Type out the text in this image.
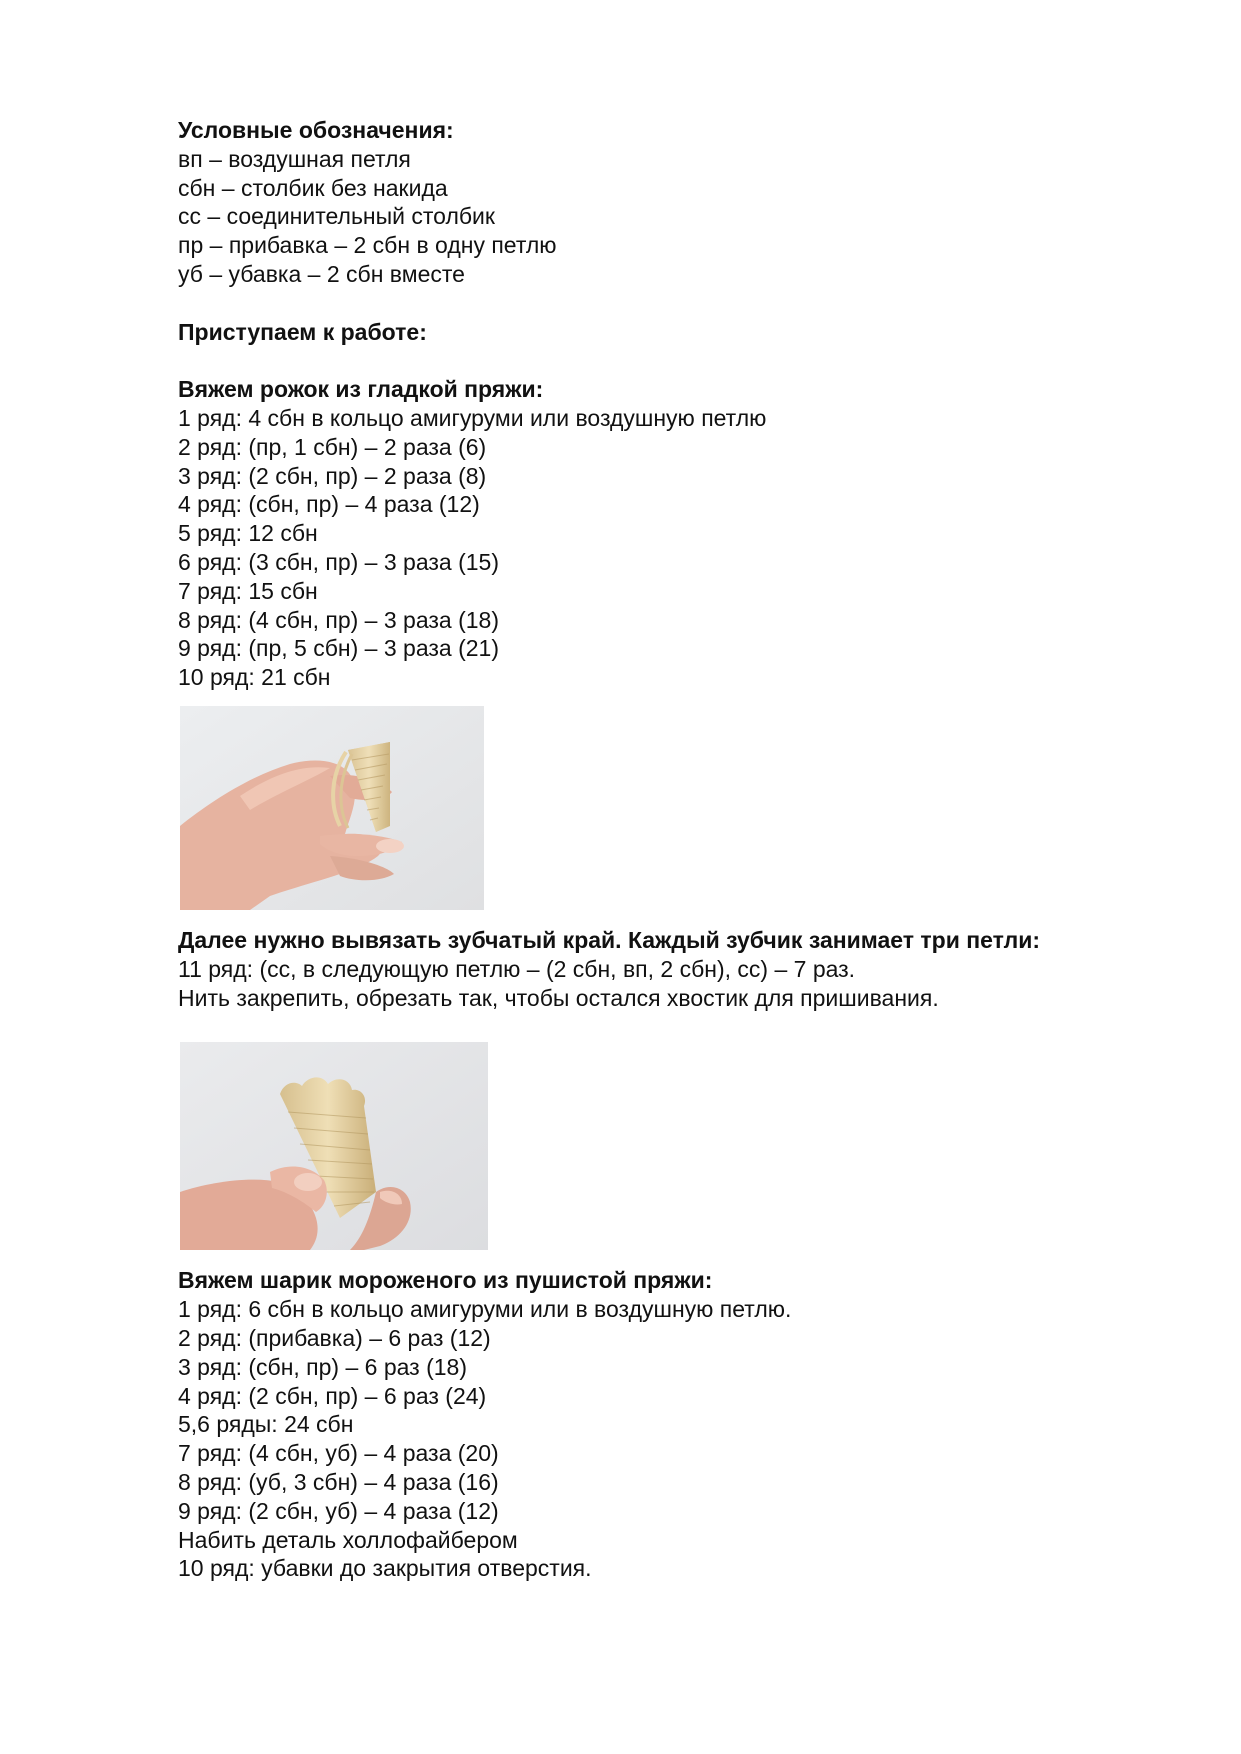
Условные обозначения:
вп – воздушная петля
сбн – столбик без накида
сс – соединительный столбик
пр – прибавка – 2 сбн в одну петлю
уб – убавка – 2 сбн вместе
Приступаем к работе:
Вяжем рожок из гладкой пряжи:
1 ряд: 4 сбн в кольцо амигуруми или воздушную петлю
2 ряд: (пр, 1 сбн) – 2 раза (6)
3 ряд: (2 сбн, пр) – 2 раза (8)
4 ряд: (сбн, пр) – 4 раза (12)
5 ряд: 12 сбн
6 ряд: (3 сбн, пр) – 3 раза (15)
7 ряд: 15 сбн
8 ряд: (4 сбн, пр) – 3 раза (18)
9 ряд: (пр, 5 сбн) – 3 раза (21)
10 ряд: 21 сбн
Далее нужно вывязать зубчатый край. Каждый зубчик занимает три петли:
11 ряд: (сс, в следующую петлю – (2 сбн, вп, 2 сбн), сс) – 7 раз.
Нить закрепить, обрезать так, чтобы остался хвостик для пришивания.
Вяжем шарик мороженого из пушистой пряжи:
1 ряд: 6 сбн в кольцо амигуруми или в воздушную петлю.
2 ряд: (прибавка) – 6 раз (12)
3 ряд: (сбн, пр) – 6 раз (18)
4 ряд: (2 сбн, пр) – 6 раз (24)
5,6 ряды: 24 сбн
7 ряд: (4 сбн, уб) – 4 раза (20)
8 ряд: (уб, 3 сбн) – 4 раза (16)
9 ряд: (2 сбн, уб) – 4 раза (12)
Набить деталь холлофайбером
10 ряд: убавки до закрытия отверстия.
